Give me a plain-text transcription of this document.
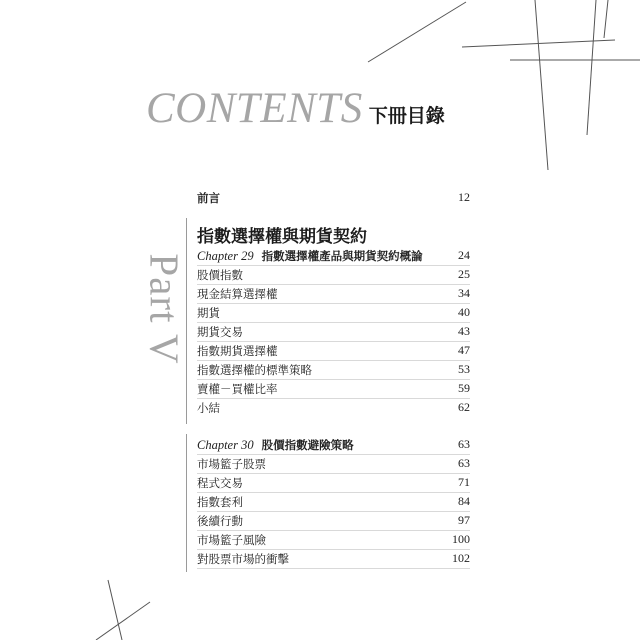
CONTENTS 下冊目錄
前言	12
指數選擇權與期貨契約
Part V Chapter 29 指數選擇權產品與期貨契約概論	24
股價指數	25
現金結算選擇權	34
期貨	40
期貨交易	43
指數期貨選擇權	47
指數選擇權的標準策略	53
賣權－買權比率	59
小結	62
Chapter 30 股價指數避險策略	63
市場籃子股票	63
程式交易	71
指數套利	84
後續行動	97
市場籃子風險	100
對股票市場的衝擊	102
